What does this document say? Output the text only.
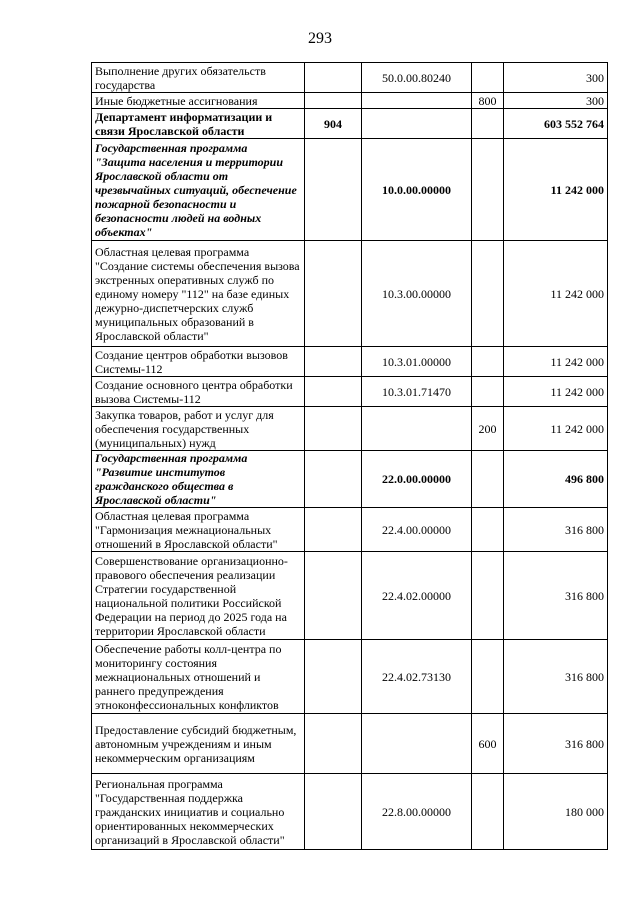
293
Выполнение других обязательств государства		50.0.00.80240		300
Иные бюджетные ассигнования			800	300
Департамент информатизации и связи Ярославской области	904			603 552 764
Государственная программа "Защита населения и территории Ярославской области от чрезвычайных ситуаций, обеспечение пожарной безопасности и безопасности людей на водных объектах"		10.0.00.00000		11 242 000
Областная целевая программа "Создание системы обеспечения вызова экстренных оперативных служб по единому номеру "112" на базе единых дежурно-диспетчерских служб муниципальных образований в Ярославской области"		10.3.00.00000		11 242 000
Создание центров обработки вызовов Системы-112		10.3.01.00000		11 242 000
Создание основного центра обработки вызова Системы-112		10.3.01.71470		11 242 000
Закупка товаров, работ и услуг для обеспечения государственных (муниципальных) нужд			200	11 242 000
Государственная программа "Развитие институтов гражданского общества в Ярославской области"		22.0.00.00000		496 800
Областная целевая программа "Гармонизация межнациональных отношений в Ярославской области"		22.4.00.00000		316 800
Совершенствование организационно-правового обеспечения реализации Стратегии государственной национальной политики Российской Федерации на период до 2025 года на территории Ярославской области		22.4.02.00000		316 800
Обеспечение работы колл-центра по мониторингу состояния межнациональных отношений и раннего предупреждения этноконфессиональных конфликтов		22.4.02.73130		316 800
Предоставление субсидий бюджетным, автономным учреждениям и иным некоммерческим организациям			600	316 800
Региональная программа "Государственная поддержка гражданских инициатив и социально ориентированных некоммерческих организаций в Ярославской области"		22.8.00.00000		180 000
